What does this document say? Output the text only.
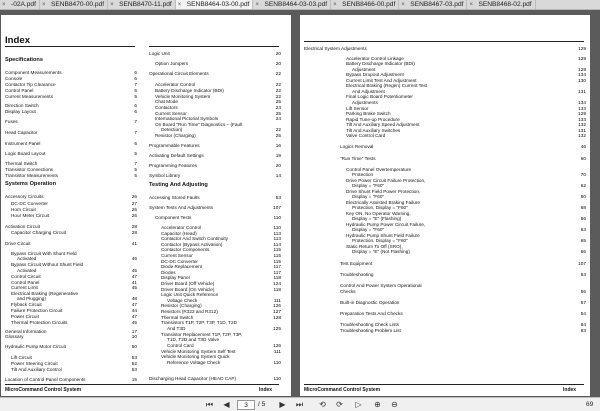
× -02A.pdf	× SENB8470-00.pdf	× SENB8470-11.pdf	× SENB8464-03-00.pdf	× SENB8464-03-03.pdf	× SENB8466-00.pdf	× SENB8467-03.pdf	× SENB8468-02.pdf
Index
Specifications
Component Measurements	6
Console	6
Contactor Tip Clearance	7
Control Panel	6
Current Measurements	5
Direction Switch	6
Display Layout	6
Fuses	7
Head Capacitor	7
Instrument Panel	6
Logic Board Layout	5
Thermal Switch	7
Transistor Connections	5
Transistor Measurements	5
Systems Operation
Accessory Circuits	26
DC-DC Converter	27
Horn Circuit	26
Hour Meter Circuit	26
Activation Circuit	28
Capacitor Charging Circuit	28
Drive Circuit	41
Bypass Circuit With Shunt Field
Activated	46
Bypass Circuit Without Shunt Field
Activated	45
Control Circuit	47
Control Panel	41
Current Limit	45
Electrical Braking (Regenerative
and Plugging)	48
Flyback Circuit	47
Failure Protection Circuit	44
Power Circuit	47
Thermal Protection Circuits	45
General Information	17
Glossary	10
Hydraulic Pump Motor Circuit	50
Lift Circuit	53
Power Steering Circuit	52
Tilt And Auxiliary Control	53
Location of Control Panel Components	15
Logic Unit	20
Option Jumpers	20
Operational Circuit Elements	22
Accelerator Control	22
Battery Discharge Indicator (BDI)	22
Vehicle Monitoring System	22
Chat Mode	25
Contactors	23
Current Sensor	25
International Pictorial Symbols	24
On Board "Run Time" Diagnostics – (Fault
Detection)	22
Resistor (Charging)	25
Programmable Features	16
Activating Default Settings	19
Programming Features	20
Symbol Library	14
Testing And Adjusting
Accessing Stored Faults	53
System Tests And Adjustments	107
Component Tests	110
Accelerator Control	110
Capacitor (Head)	113
Contactor And Switch Continuity	113
Contactor (Bypass Activation)	114
Contactor Components	115
Current Sensor	115
DC-DC Converter	115
Diode Replacement	117
Diodes	117
Display Panel	118
Driver Board (Off Vehicle)	124
Driver Board (On Vehicle)	118
Logic Unit Quick Reference
Voltage Check	111
Resistor (Charging)	126
Resistors (R322 and R312)	127
Thermal Switch	128
Transistors T1P, T2P, T3P, T1D, T2D
And T3D	125
Transistor Replacement T1P, T2P, T3P,
T1D, T2D and T3D Valve
Control Card	126
Vehicle Monitoring System Self Test	111
Vehicle Monitoring System Quick
Reference Voltage Check	110
Discharging Head Capacitor (HEAD CAP)	110
MicroCommand Control System	Index
Electrical System Adjustments	129
Accelerator Control Linkage	129
Battery Discharge Indicator (BDI)
Adjustment	129
Bypass Dropout Adjustment	134
Current Limit Test And Adjustment	130
Electrical Braking (Regen) Current Test
And Adjustment	131
Final Logic Board Potentiometer
Adjustments	134
Lift Sensor	133
Parking Brake Switch	129
Rapid Tune-up Procedure	133
Tilt And Auxiliary Speed Adjustment	132
Tilt And Auxiliary Switches	131
Valve Control Card	132
Logics Removal	46
"Run Time" Tests	60
Control Panel Overtemperature
Protection	70
Drive Power Circuit Failure Protection,
Display = "F60"	62
Drive Shunt Field Power Protection,
Display = "F60"	60
Electrically Assisted Braking Failure
Protection, Display = "F60"	68
Key ON, No Operator Warning,
Display = "E" (Flashing)	66
Hydraulic Pump Power Circuit Failure,
Display = "F60"	63
Hydraulic Pump Shunt Field Failure
Protection, Display = "F60"	65
Static Return To Off (SRO),
Display = "E" (Not Flashing)	66
Test Equipment	107
Troubleshooting	53
Control And Power System Operational
Checks	56
Built-in Diagnostic Operation	57
Preparation Tests And Checks	54
Troubleshooting Check Lists	84
Troubleshooting Problem List	83
MicroCommand Control System	Index
⏮	◀	3	/ 5	▶	⏭	⟲	⟳	▷	⊕	⊖	69
